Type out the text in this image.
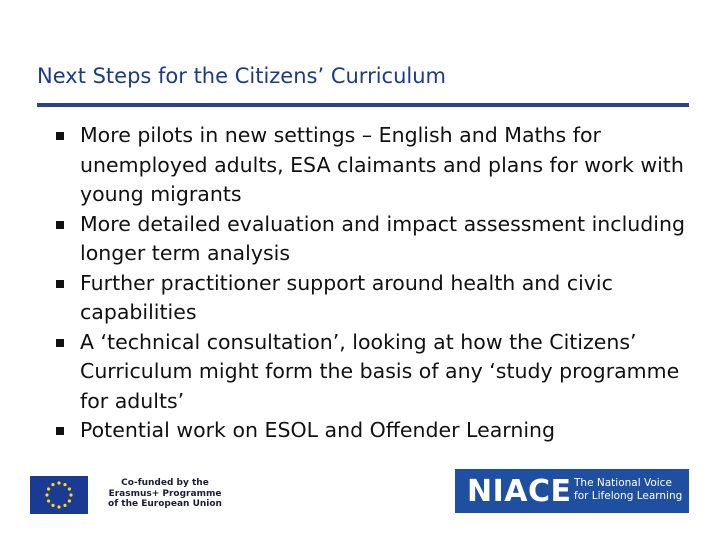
Next Steps for the Citizens’ Curriculum
More pilots in new settings – English and Maths for unemployed adults, ESA claimants and plans for work with young migrants
More detailed evaluation and impact assessment including longer term analysis
Further practitioner support around health and civic capabilities
A ‘technical consultation’, looking at how the Citizens’ Curriculum might form the basis of any ‘study programme for adults’
Potential work on ESOL and Offender Learning
Co-funded by the
Erasmus+ Programme
of the European Union	NIACE The National Voice
for Lifelong Learning
